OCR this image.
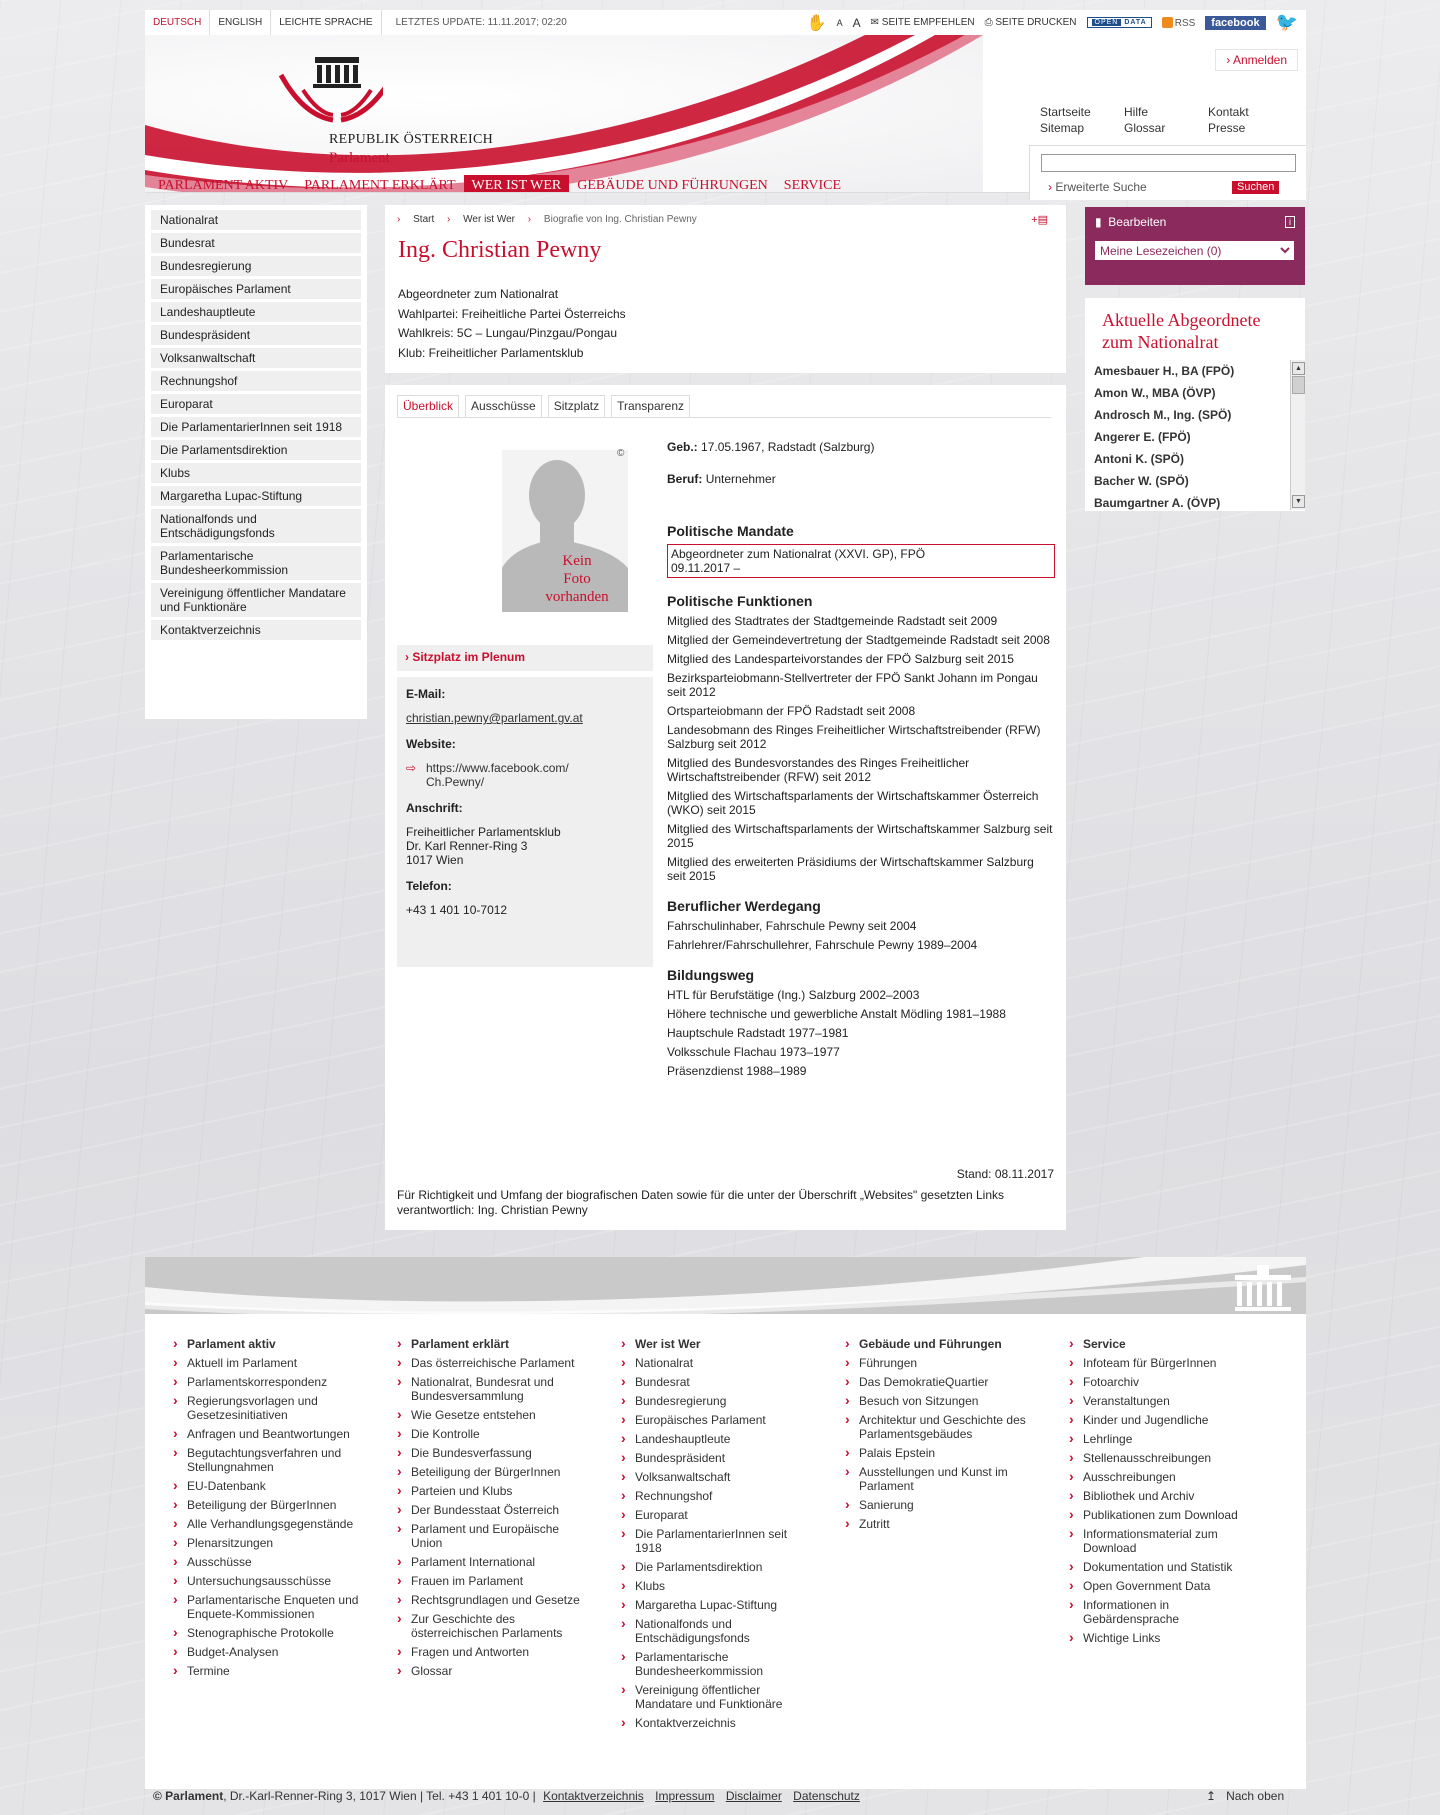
DEUTSCH	ENGLISH	LEICHTE SPRACHE	LETZTES UPDATE: 11.11.2017; 02:20	✋ A A ✉ SEITE EMPFEHLEN ⎙ SEITE DRUCKEN	OPEN DATA	RSS	facebook 🐦
REPUBLIK ÖSTERREICH
Parlament
› Anmelden
Startseite	Hilfe	Kontakt
Sitemap	Glossar	Presse
PARLAMENT AKTIV	PARLAMENT ERKLÄRT	WER IST WER	GEBÄUDE UND FÜHRUNGEN	SERVICE	› Erweiterte Suche	Suchen
Nationalrat
Bundesrat
Bundesregierung
Europäisches Parlament
Landeshauptleute
Bundespräsident
Volksanwaltschaft
Rechnungshof
Europarat
Die ParlamentarierInnen seit 1918
Die Parlamentsdirektion
Klubs
Margaretha Lupac-Stiftung
Nationalfonds und Entschädigungsfonds
Parlamentarische Bundesheerkommission
Vereinigung öffentlicher Mandatare und Funktionäre
Kontaktverzeichnis
› Start › Wer ist Wer › Biografie von Ing. Christian Pewny	+▤
Ing. Christian Pewny
Abgeordneter zum Nationalrat
Wahlpartei: Freiheitliche Partei Österreichs
Wahlkreis: 5C – Lungau/Pinzgau/Pongau
Klub: Freiheitlicher Parlamentsklub
Überblick	Ausschüsse	Sitzplatz	Transparenz
Kein
Foto
vorhanden
©
› Sitzplatz im Plenum
E-Mail:
christian.pewny@parlament.gv.at
Website:
⇨ https://www.facebook.com/ Ch.Pewny/
Anschrift:
Freiheitlicher Parlamentsklub
Dr. Karl Renner-Ring 3
1017 Wien
Telefon:
+43 1 401 10-7012
Geb.: 17.05.1967, Radstadt (Salzburg)
Beruf: Unternehmer
Politische Mandate
Abgeordneter zum Nationalrat (XXVI. GP), FPÖ
09.11.2017 –
Politische Funktionen
Mitglied des Stadtrates der Stadtgemeinde Radstadt seit 2009
Mitglied der Gemeindevertretung der Stadtgemeinde Radstadt seit 2008
Mitglied des Landesparteivorstandes der FPÖ Salzburg seit 2015
Bezirksparteiobmann-Stellvertreter der FPÖ Sankt Johann im Pongau seit 2012
Ortsparteiobmann der FPÖ Radstadt seit 2008
Landesobmann des Ringes Freiheitlicher Wirtschaftstreibender (RFW) Salzburg seit 2012
Mitglied des Bundesvorstandes des Ringes Freiheitlicher Wirtschaftstreibender (RFW) seit 2012
Mitglied des Wirtschaftsparlaments der Wirtschaftskammer Österreich (WKO) seit 2015
Mitglied des Wirtschaftsparlaments der Wirtschaftskammer Salzburg seit 2015
Mitglied des erweiterten Präsidiums der Wirtschaftskammer Salzburg seit 2015
Beruflicher Werdegang
Fahrschulinhaber, Fahrschule Pewny seit 2004
Fahrlehrer/Fahrschullehrer, Fahrschule Pewny 1989–2004
Bildungsweg
HTL für Berufstätige (Ing.) Salzburg 2002–2003
Höhere technische und gewerbliche Anstalt Mödling 1981–1988
Hauptschule Radstadt 1977–1981
Volksschule Flachau 1973–1977
Präsenzdienst 1988–1989
Stand: 08.11.2017
Für Richtigkeit und Umfang der biografischen Daten sowie für die unter der Überschrift „Websites" gesetzten Links verantwortlich: Ing. Christian Pewny
▮ Bearbeiten	i
Meine Lesezeichen (0)
Aktuelle Abgeordnete zum Nationalrat
Amesbauer H., BA (FPÖ)
Amon W., MBA (ÖVP)
Androsch M., Ing. (SPÖ)
Angerer E. (FPÖ)
Antoni K. (SPÖ)
Bacher W. (SPÖ)
Baumgartner A. (ÖVP)
▲
▼
› Parlament aktiv
› Aktuell im Parlament
› Parlamentskorrespondenz
› Regierungsvorlagen und Gesetzesinitiativen
› Anfragen und Beantwortungen
› Begutachtungsverfahren und Stellungnahmen
› EU-Datenbank
› Beteiligung der BürgerInnen
› Alle Verhandlungsgegenstände
› Plenarsitzungen
› Ausschüsse
› Untersuchungsausschüsse
› Parlamentarische Enqueten und Enquete-Kommissionen
› Stenographische Protokolle
› Budget-Analysen
› Termine
› Parlament erklärt
› Das österreichische Parlament
› Nationalrat, Bundesrat und Bundesversammlung
› Wie Gesetze entstehen
› Die Kontrolle
› Die Bundesverfassung
› Beteiligung der BürgerInnen
› Parteien und Klubs
› Der Bundesstaat Österreich
› Parlament und Europäische Union
› Parlament International
› Frauen im Parlament
› Rechtsgrundlagen und Gesetze
› Zur Geschichte des österreichischen Parlaments
› Fragen und Antworten
› Glossar
› Wer ist Wer
› Nationalrat
› Bundesrat
› Bundesregierung
› Europäisches Parlament
› Landeshauptleute
› Bundespräsident
› Volksanwaltschaft
› Rechnungshof
› Europarat
› Die ParlamentarierInnen seit 1918
› Die Parlamentsdirektion
› Klubs
› Margaretha Lupac-Stiftung
› Nationalfonds und Entschädigungsfonds
› Parlamentarische Bundesheerkommission
› Vereinigung öffentlicher Mandatare und Funktionäre
› Kontaktverzeichnis
› Gebäude und Führungen
› Führungen
› Das DemokratieQuartier
› Besuch von Sitzungen
› Architektur und Geschichte des Parlamentsgebäudes
› Palais Epstein
› Ausstellungen und Kunst im Parlament
› Sanierung
› Zutritt
› Service
› Infoteam für BürgerInnen
› Fotoarchiv
› Veranstaltungen
› Kinder und Jugendliche
› Lehrlinge
› Stellenausschreibungen
› Ausschreibungen
› Bibliothek und Archiv
› Publikationen zum Download
› Informationsmaterial zum Download
› Dokumentation und Statistik
› Open Government Data
› Informationen in Gebärdensprache
› Wichtige Links
© Parlament, Dr.-Karl-Renner-Ring 3, 1017 Wien | Tel. +43 1 401 10-0 | Kontaktverzeichnis Impressum Disclaimer Datenschutz	↥ Nach oben
